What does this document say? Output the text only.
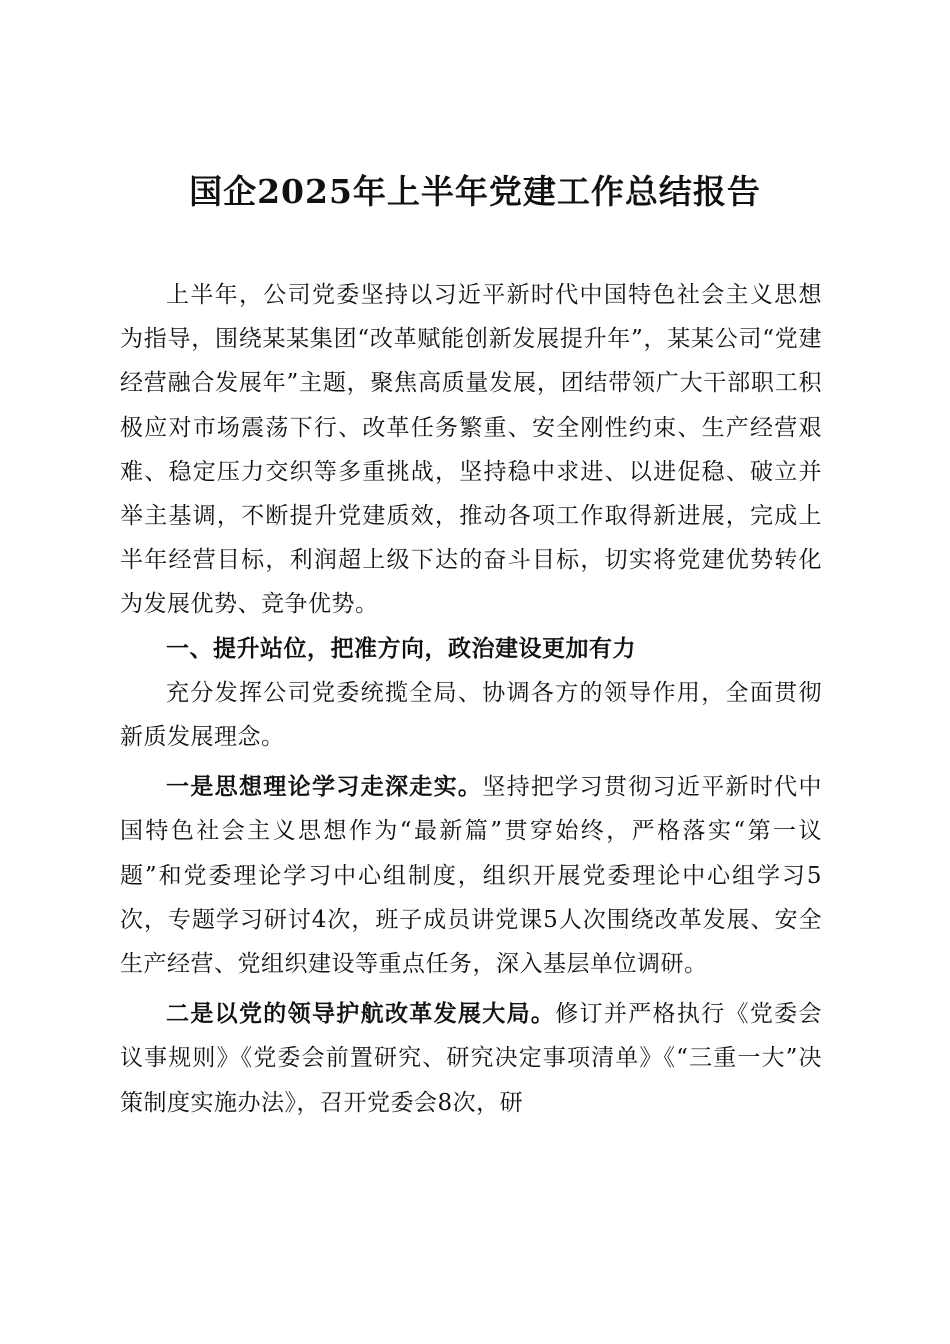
国企2025年上半年党建工作总结报告

上半年，公司党委坚持以习近平新时代中国特色社会主义思想为指导，围绕某某集团“改革赋能创新发展提升年”，某某公司“党建经营融合发展年”主题，聚焦高质量发展，团结带领广大干部职工积极应对市场震荡下行、改革任务繁重、安全刚性约束、生产经营艰难、稳定压力交织等多重挑战，坚持稳中求进、以进促稳、破立并举主基调，不断提升党建质效，推动各项工作取得新进展，完成上半年经营目标，利润超上级下达的奋斗目标，切实将党建优势转化为发展优势、竞争优势。

一、提升站位，把准方向，政治建设更加有力

充分发挥公司党委统揽全局、协调各方的领导作用，全面贯彻新质发展理念。

一是思想理论学习走深走实。坚持把学习贯彻习近平新时代中国特色社会主义思想作为“最新篇”贯穿始终，严格落实“第一议题”和党委理论学习中心组制度，组织开展党委理论中心组学习5次，专题学习研讨4次，班子成员讲党课5人次围绕改革发展、安全生产经营、党组织建设等重点任务，深入基层单位调研。

二是以党的领导护航改革发展大局。修订并严格执行《党委会议事规则》《党委会前置研究、研究决定事项清单》《“三重一大”决策制度实施办法》，召开党委会8次，研
